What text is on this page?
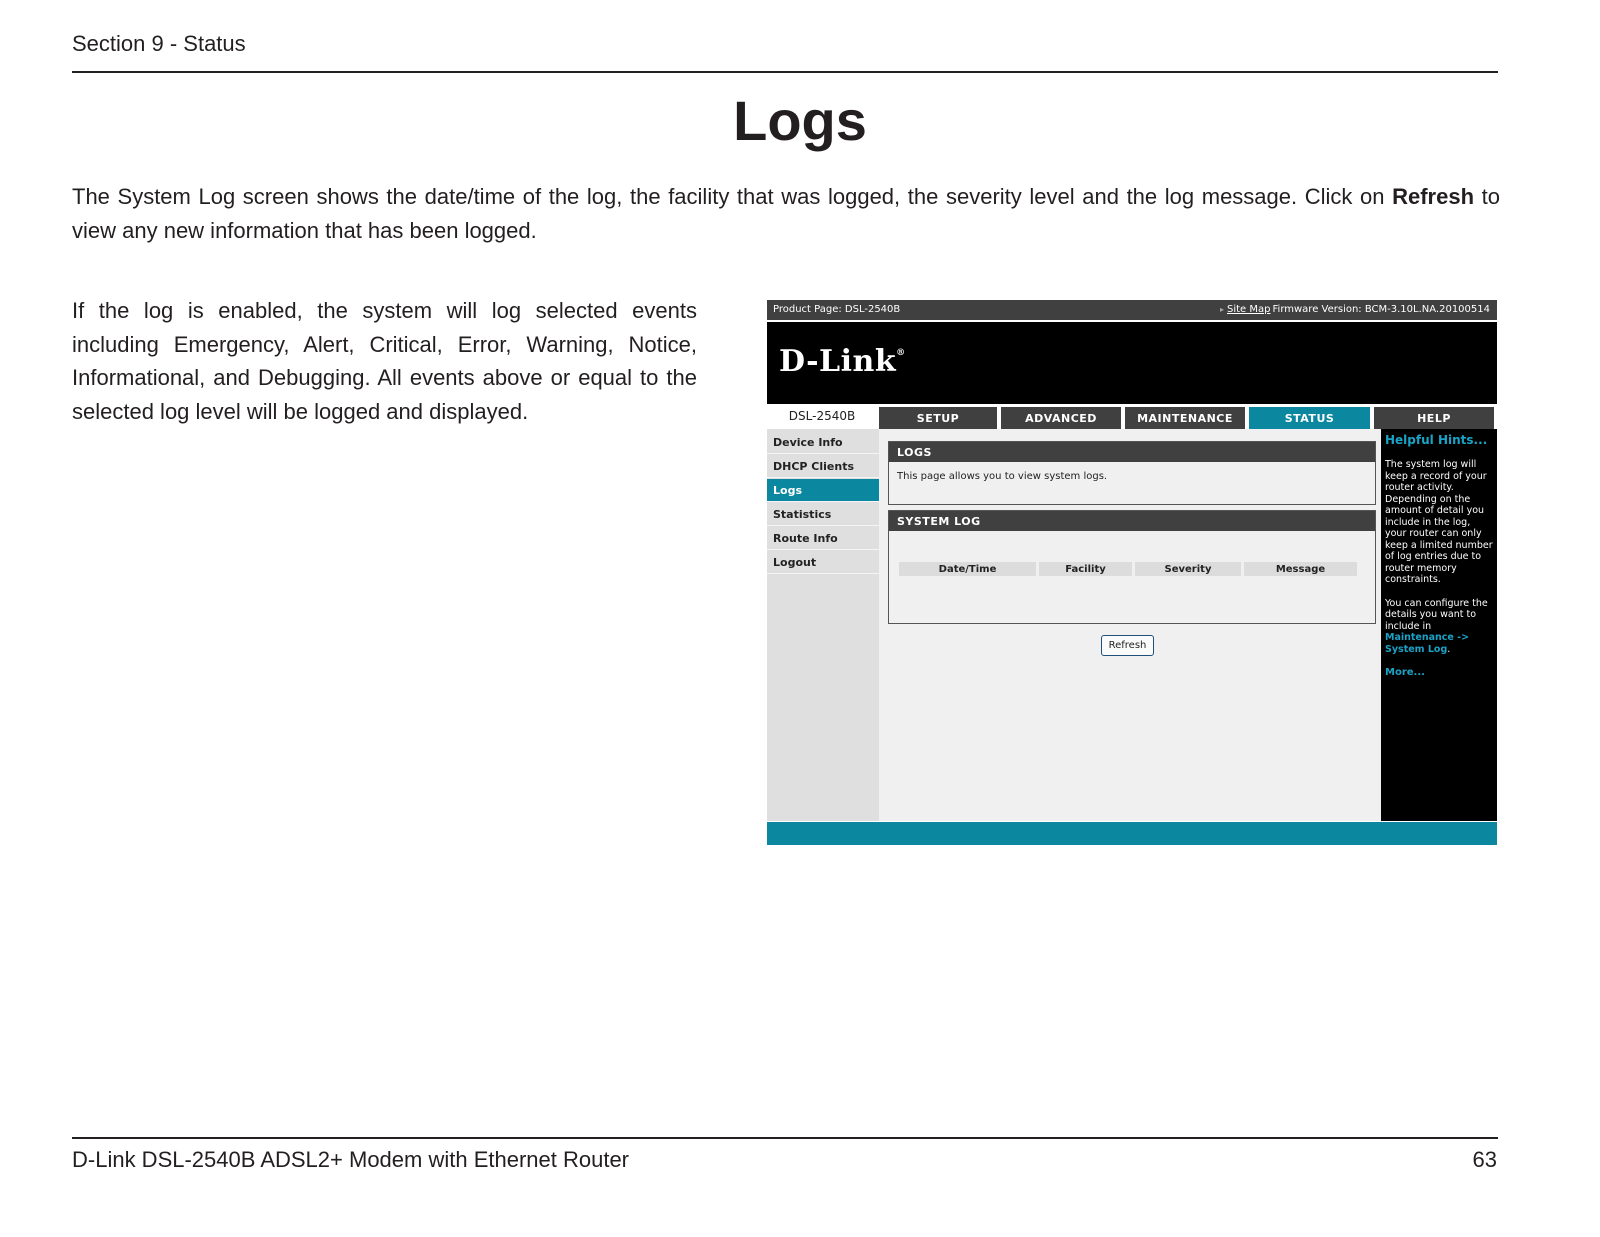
Section 9 - Status
Logs

The System Log screen shows the date/time of the log, the facility that was logged, the severity level and the log message. Click on Refresh to view any new information that has been logged.

If the log is enabled, the system will log selected events including Emergency, Alert, Critical, Error, Warning, Notice, Informational, and Debugging. All events above or equal to the selected log level will be logged and displayed.

Product Page: DSL-2540B	▸ Site Map Firmware Version: BCM-3.10L.NA.20100514
D-Link®
DSL-2540B	SETUP	ADVANCED	MAINTENANCE	STATUS	HELP
Device Info
DHCP Clients
Logs
Statistics
Route Info
Logout
LOGS
This page allows you to view system logs.
SYSTEM LOG
Date/Time	Facility	Severity	Message
Refresh
Helpful Hints...
The system log will keep a record of your router activity. Depending on the amount of detail you include in the log, your router can only keep a limited number of log entries due to router memory constraints.
You can configure the details you want to include in Maintenance -> System Log.
More...
D-Link DSL-2540B ADSL2+ Modem with Ethernet Router	63
